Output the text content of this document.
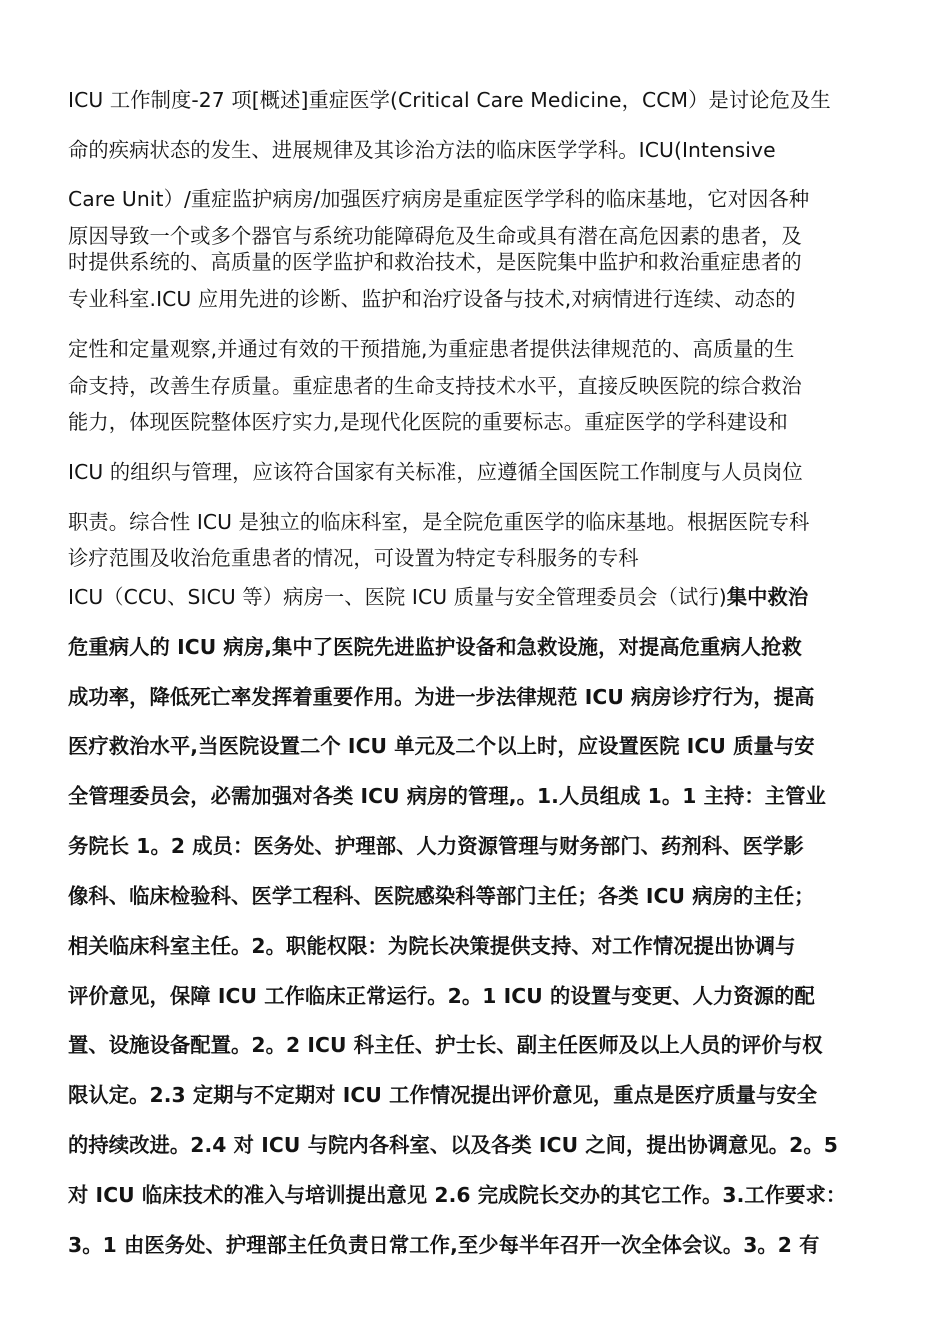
ICU 工作制度-27 项[概述]重症医学(Critical Care Medicine，CCM）是讨论危及生
命的疾病状态的发生、进展规律及其诊治方法的临床医学学科。ICU(Intensive
Care Unit）/重症监护病房/加强医疗病房是重症医学学科的临床基地，它对因各种
原因导致一个或多个器官与系统功能障碍危及生命或具有潜在高危因素的患者，及
时提供系统的、高质量的医学监护和救治技术，是医院集中监护和救治重症患者的
专业科室.ICU 应用先进的诊断、监护和治疗设备与技术,对病情进行连续、动态的
定性和定量观察,并通过有效的干预措施,为重症患者提供法律规范的、高质量的生
命支持，改善生存质量。重症患者的生命支持技术水平，直接反映医院的综合救治
能力，体现医院整体医疗实力,是现代化医院的重要标志。重症医学的学科建设和
ICU 的组织与管理，应该符合国家有关标准，应遵循全国医院工作制度与人员岗位
职责。综合性 ICU 是独立的临床科室，是全院危重医学的临床基地。根据医院专科
诊疗范围及收治危重患者的情况，可设置为特定专科服务的专科
ICU（CCU、SICU 等）病房一、医院 ICU 质量与安全管理委员会（试行)集中救治
危重病人的 ICU 病房,集中了医院先进监护设备和急救设施，对提高危重病人抢救
成功率，降低死亡率发挥着重要作用。为进一步法律规范 ICU 病房诊疗行为，提高
医疗救治水平,当医院设置二个 ICU 单元及二个以上时，应设置医院 ICU 质量与安
全管理委员会，必需加强对各类 ICU 病房的管理,。1.人员组成 1。1 主持：主管业
务院长 1。2 成员：医务处、护理部、人力资源管理与财务部门、药剂科、医学影
像科、临床检验科、医学工程科、医院感染科等部门主任；各类 ICU 病房的主任；
相关临床科室主任。2。职能权限：为院长决策提供支持、对工作情况提出协调与
评价意见，保障 ICU 工作临床正常运行。2。1 ICU 的设置与变更、人力资源的配
置、设施设备配置。2。2 ICU 科主任、护士长、副主任医师及以上人员的评价与权
限认定。2.3 定期与不定期对 ICU 工作情况提出评价意见，重点是医疗质量与安全
的持续改进。2.4 对 ICU 与院内各科室、以及各类 ICU 之间，提出协调意见。2。5
对 ICU 临床技术的准入与培训提出意见 2.6 完成院长交办的其它工作。3.工作要求：
3。1 由医务处、护理部主任负责日常工作,至少每半年召开一次全体会议。3。2 有
